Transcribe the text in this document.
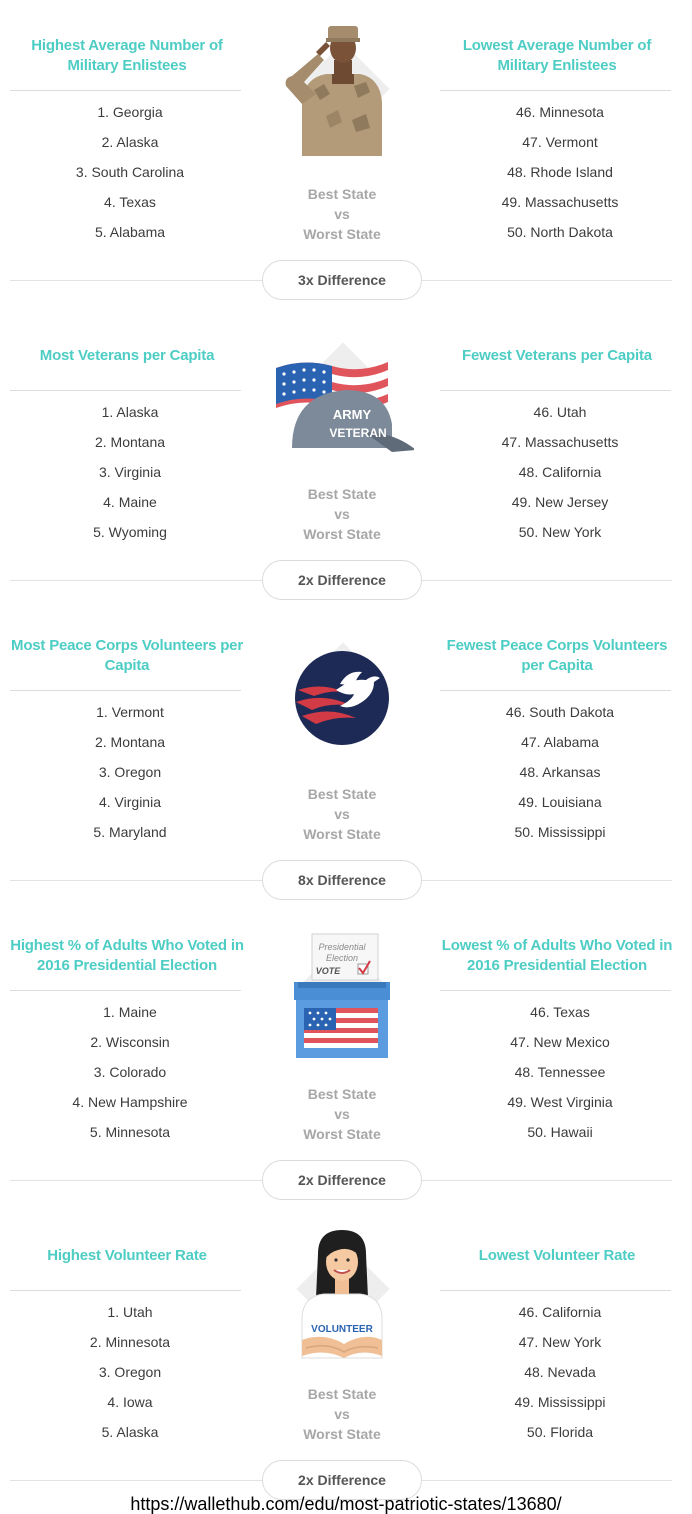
Highest Average Number of Military Enlistees
1. Georgia
2. Alaska
3. South Carolina
4. Texas
5. Alabama
Best State
vs
Worst State
Lowest Average Number of Military Enlistees
46. Minnesota
47. Vermont
48. Rhode Island
49. Massachusetts
50. North Dakota
3x Difference
Most Veterans per Capita
1. Alaska
2. Montana
3. Virginia
4. Maine
5. Wyoming
ARMY
VETERAN
Best State
vs
Worst State
Fewest Veterans per Capita
46. Utah
47. Massachusetts
48. California
49. New Jersey
50. New York
2x Difference
Most Peace Corps Volunteers per Capita
1. Vermont
2. Montana
3. Oregon
4. Virginia
5. Maryland
Best State
vs
Worst State
Fewest Peace Corps Volunteers per Capita
46. South Dakota
47. Alabama
48. Arkansas
49. Louisiana
50. Mississippi
8x Difference
Highest % of Adults Who Voted in 2016 Presidential Election
1. Maine
2. Wisconsin
3. Colorado
4. New Hampshire
5. Minnesota
Presidential
Election
VOTE
Best State
vs
Worst State
Lowest % of Adults Who Voted in 2016 Presidential Election
46. Texas
47. New Mexico
48. Tennessee
49. West Virginia
50. Hawaii
2x Difference
Highest Volunteer Rate
1. Utah
2. Minnesota
3. Oregon
4. Iowa
5. Alaska
VOLUNTEER
Best State
vs
Worst State
Lowest Volunteer Rate
46. California
47. New York
48. Nevada
49. Mississippi
50. Florida
2x Difference
https://wallethub.com/edu/most-patriotic-states/13680/
